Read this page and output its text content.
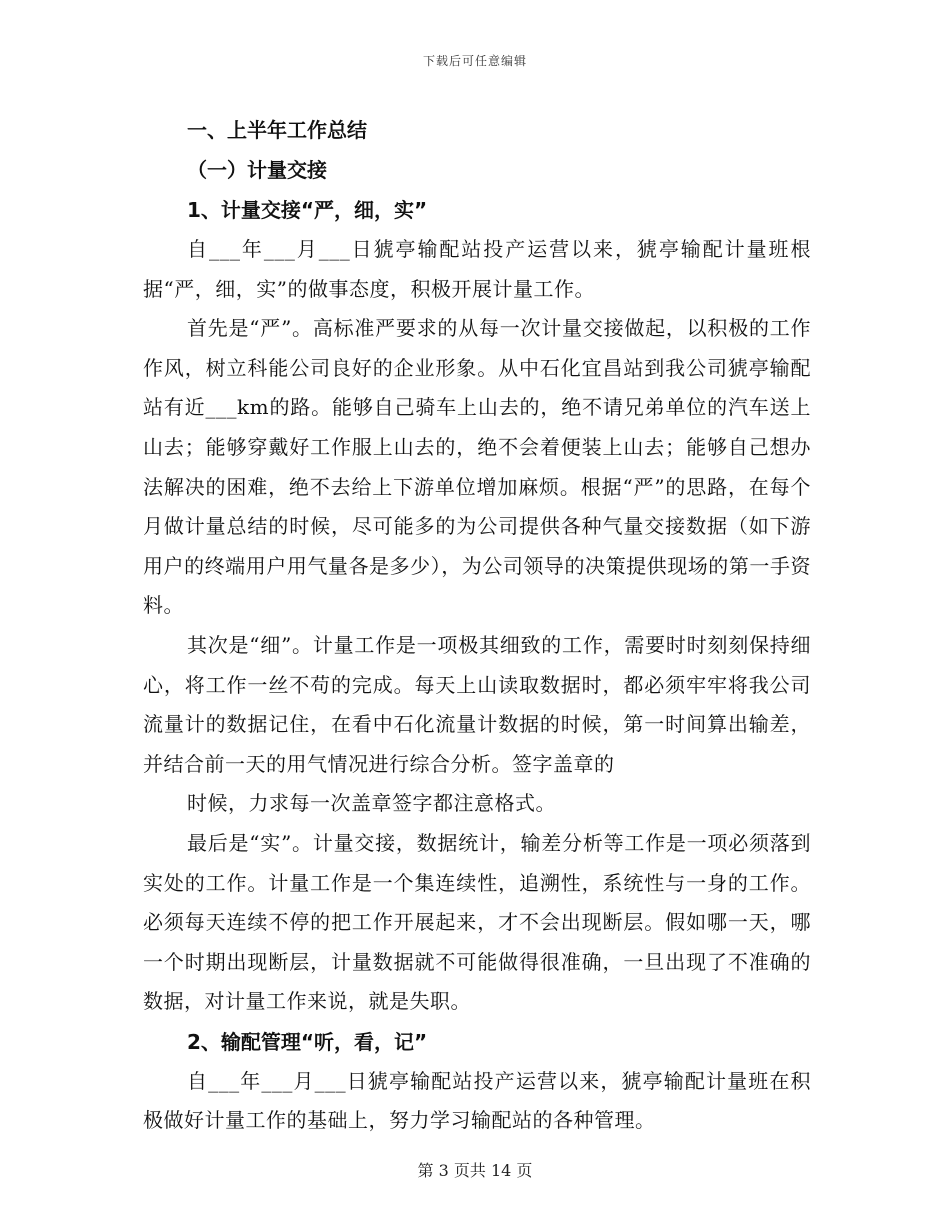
下载后可任意编辑
一、上半年工作总结
（一）计量交接
1、计量交接“严，细，实”

自___年___月___日猇亭输配站投产运营以来，猇亭输配计量班根据“严，细，实”的做事态度，积极开展计量工作。

首先是“严”。高标准严要求的从每一次计量交接做起，以积极的工作作风，树立科能公司良好的企业形象。从中石化宜昌站到我公司猇亭输配站有近___km的路。能够自己骑车上山去的，绝不请兄弟单位的汽车送上山去；能够穿戴好工作服上山去的，绝不会着便装上山去；能够自己想办法解决的困难，绝不去给上下游单位增加麻烦。根据“严”的思路，在每个月做计量总结的时候，尽可能多的为公司提供各种气量交接数据（如下游用户的终端用户用气量各是多少），为公司领导的决策提供现场的第一手资料。

其次是“细”。计量工作是一项极其细致的工作，需要时时刻刻保持细心，将工作一丝不苟的完成。每天上山读取数据时，都必须牢牢将我公司流量计的数据记住，在看中石化流量计数据的时候，第一时间算出输差，并结合前一天的用气情况进行综合分析。签字盖章的

时候，力求每一次盖章签字都注意格式。

最后是“实”。计量交接，数据统计，输差分析等工作是一项必须落到实处的工作。计量工作是一个集连续性，追溯性，系统性与一身的工作。必须每天连续不停的把工作开展起来，才不会出现断层。假如哪一天，哪一个时期出现断层，计量数据就不可能做得很准确，一旦出现了不准确的数据，对计量工作来说，就是失职。

2、输配管理“听，看，记”

自___年___月___日猇亭输配站投产运营以来，猇亭输配计量班在积极做好计量工作的基础上，努力学习输配站的各种管理。

第 3 页共 14 页
